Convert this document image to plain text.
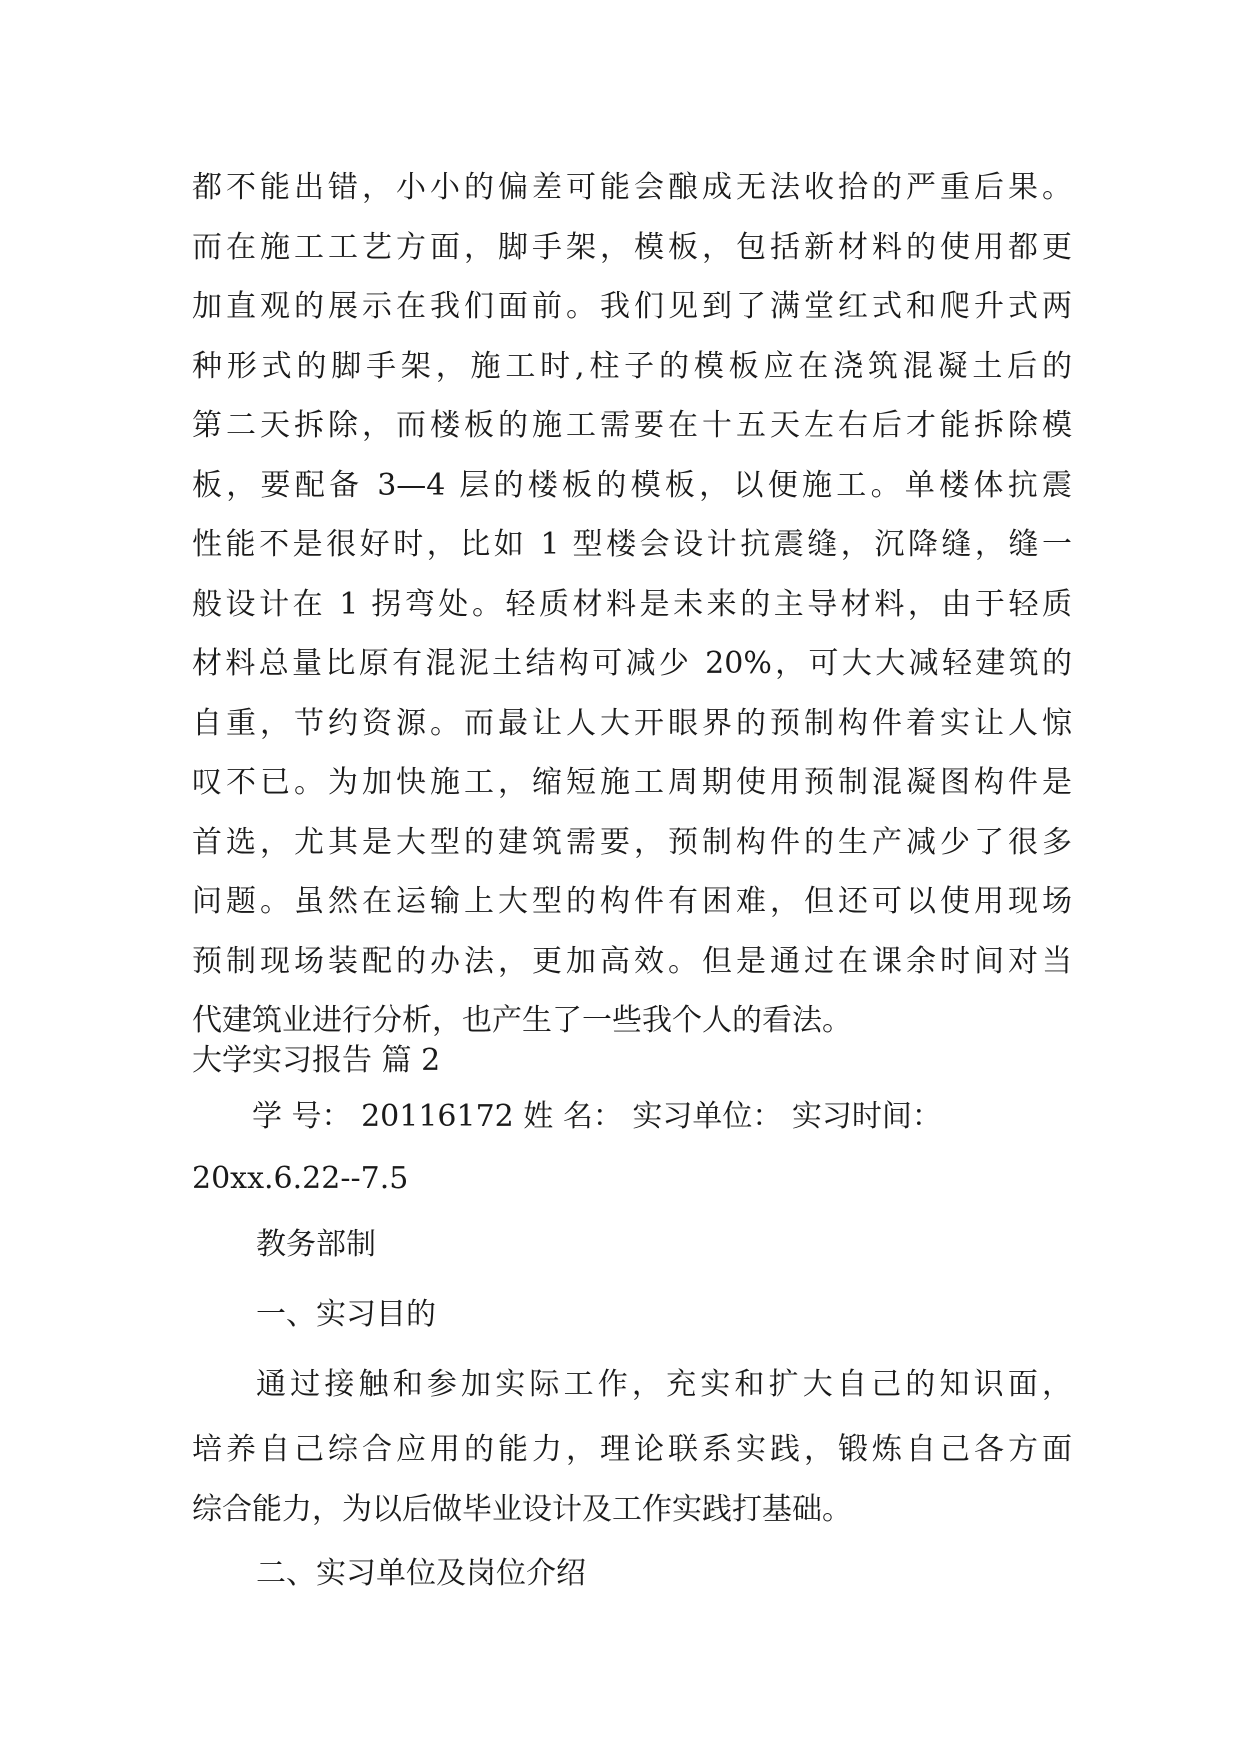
都不能出错，小小的偏差可能会酿成无法收拾的严重后果。
而在施工工艺方面，脚手架，模板，包括新材料的使用都更
加直观的展示在我们面前。我们见到了满堂红式和爬升式两
种形式的脚手架，施工时,柱子的模板应在浇筑混凝土后的
第二天拆除，而楼板的施工需要在十五天左右后才能拆除模
板，要配备 3—4 层的楼板的模板，以便施工。单楼体抗震
性能不是很好时，比如 1 型楼会设计抗震缝，沉降缝，缝一
般设计在 1 拐弯处。轻质材料是未来的主导材料，由于轻质
材料总量比原有混泥土结构可减少 20%，可大大减轻建筑的
自重，节约资源。而最让人大开眼界的预制构件着实让人惊
叹不已。为加快施工，缩短施工周期使用预制混凝图构件是
首选，尤其是大型的建筑需要，预制构件的生产减少了很多
问题。虽然在运输上大型的构件有困难，但还可以使用现场
预制现场装配的办法，更加高效。但是通过在课余时间对当
代建筑业进行分析，也产生了一些我个人的看法。
大学实习报告 篇 2
学 号： 20116172 姓 名： 实习单位： 实习时间：
20xx.6.22--7.5
教务部制
一、实习目的
通过接触和参加实际工作，充实和扩大自己的知识面，
培养自己综合应用的能力，理论联系实践，锻炼自己各方面
综合能力，为以后做毕业设计及工作实践打基础。
二、实习单位及岗位介绍
